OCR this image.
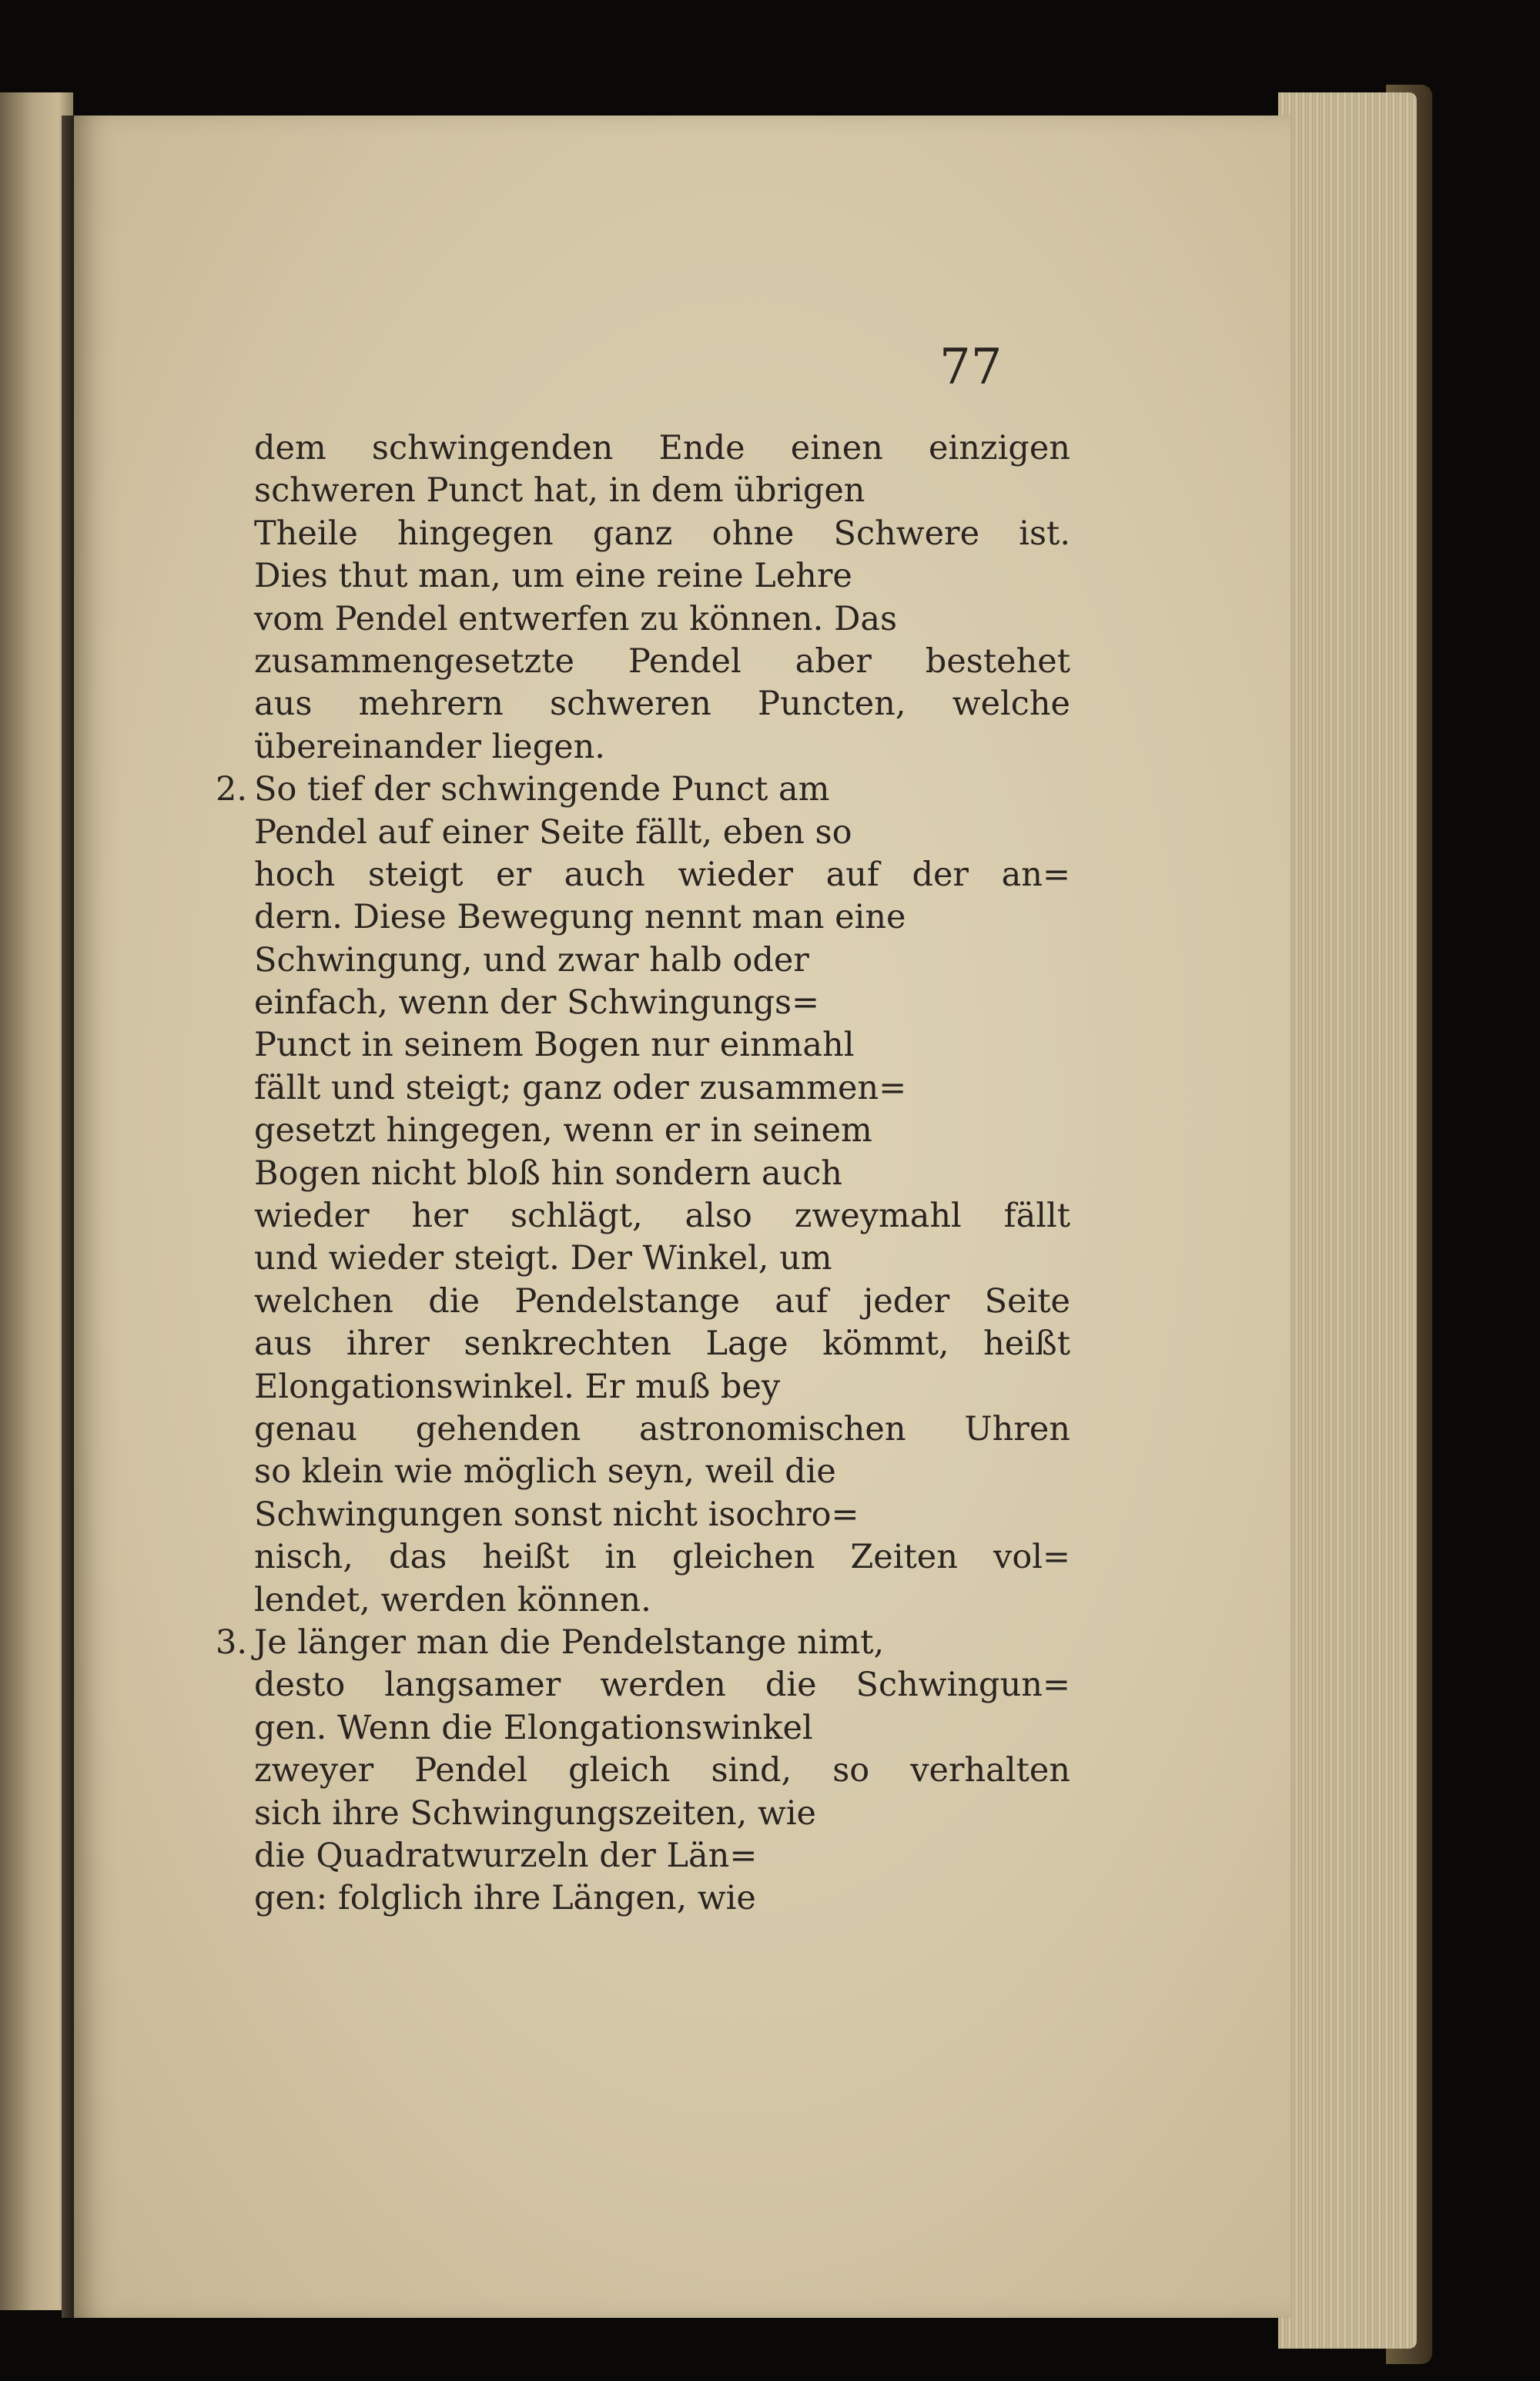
77
dem schwingenden Ende einen einzigen
schweren Punct hat, in dem übrigen
Theile hingegen ganz ohne Schwere ist.
Dies thut man, um eine reine Lehre
vom Pendel entwerfen zu können. Das
zusammengesetzte Pendel aber bestehet
aus mehrern schweren Puncten, welche
übereinander liegen.
2. So tief der schwingende Punct am
Pendel auf einer Seite fällt, eben so
hoch steigt er auch wieder auf der an=
dern. Diese Bewegung nennt man eine
Schwingung, und zwar halb oder
einfach, wenn der Schwingungs=
Punct in seinem Bogen nur einmahl
fällt und steigt; ganz oder zusammen=
gesetzt hingegen, wenn er in seinem
Bogen nicht bloß hin sondern auch
wieder her schlägt, also zweymahl fällt
und wieder steigt. Der Winkel, um
welchen die Pendelstange auf jeder Seite
aus ihrer senkrechten Lage kömmt, heißt
Elongationswinkel. Er muß bey
genau gehenden astronomischen Uhren
so klein wie möglich seyn, weil die
Schwingungen sonst nicht isochro=
nisch, das heißt in gleichen Zeiten vol=
lendet, werden können.
3. Je länger man die Pendelstange nimt,
desto langsamer werden die Schwingun=
gen. Wenn die Elongationswinkel
zweyer Pendel gleich sind, so verhalten
sich ihre Schwingungszeiten, wie
die Quadratwurzeln der Län=
gen: folglich ihre Längen, wie
